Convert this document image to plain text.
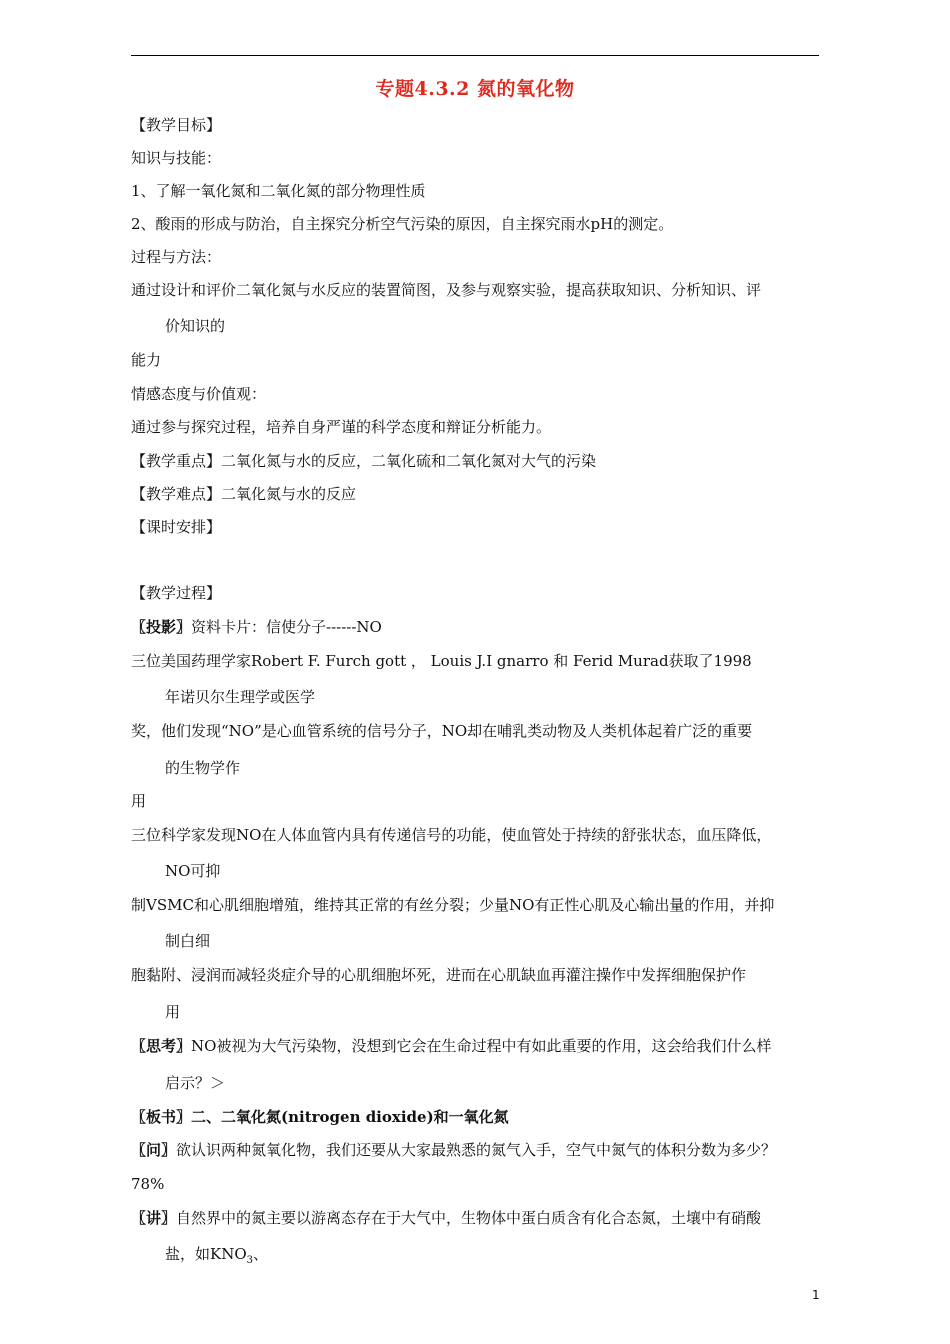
专题4.3.2 氮的氧化物
【教学目标】
知识与技能：
1、了解一氧化氮和二氧化氮的部分物理性质
2、酸雨的形成与防治，自主探究分析空气污染的原因，自主探究雨水pH的测定。
过程与方法：
通过设计和评价二氧化氮与水反应的装置简图，及参与观察实验，提高获取知识、分析知识、评
价知识的
能力
情感态度与价值观：
通过参与探究过程，培养自身严谨的科学态度和辩证分析能力。
【教学重点】二氧化氮与水的反应，二氧化硫和二氧化氮对大气的污染
【教学难点】二氧化氮与水的反应
【课时安排】
【教学过程】
〖投影〗资料卡片：信使分子------NO
三位美国药理学家Robert F. Furch gott ， Louis J.I gnarro 和 Ferid Murad获取了1998
年诺贝尔生理学或医学
奖，他们发现“NO”是心血管系统的信号分子，NO却在哺乳类动物及人类机体起着广泛的重要
的生物学作
用
三位科学家发现NO在人体血管内具有传递信号的功能，使血管处于持续的舒张状态，血压降低，
NO可抑
制VSMC和心肌细胞增殖，维持其正常的有丝分裂；少量NO有正性心肌及心输出量的作用，并抑
制白细
胞黏附、浸润而减轻炎症介导的心肌细胞坏死，进而在心肌缺血再灌注操作中发挥细胞保护作
用
〖思考〗NO被视为大气污染物，没想到它会在生命过程中有如此重要的作用，这会给我们什么样
启示？＞
〖板书〗二、二氧化氮(nitrogen dioxide)和一氧化氮
〖问〗欲认识两种氮氧化物，我们还要从大家最熟悉的氮气入手，空气中氮气的体积分数为多少？
78%
〖讲〗自然界中的氮主要以游离态存在于大气中，生物体中蛋白质含有化合态氮，土壤中有硝酸
盐，如$KNO_3$、
1
